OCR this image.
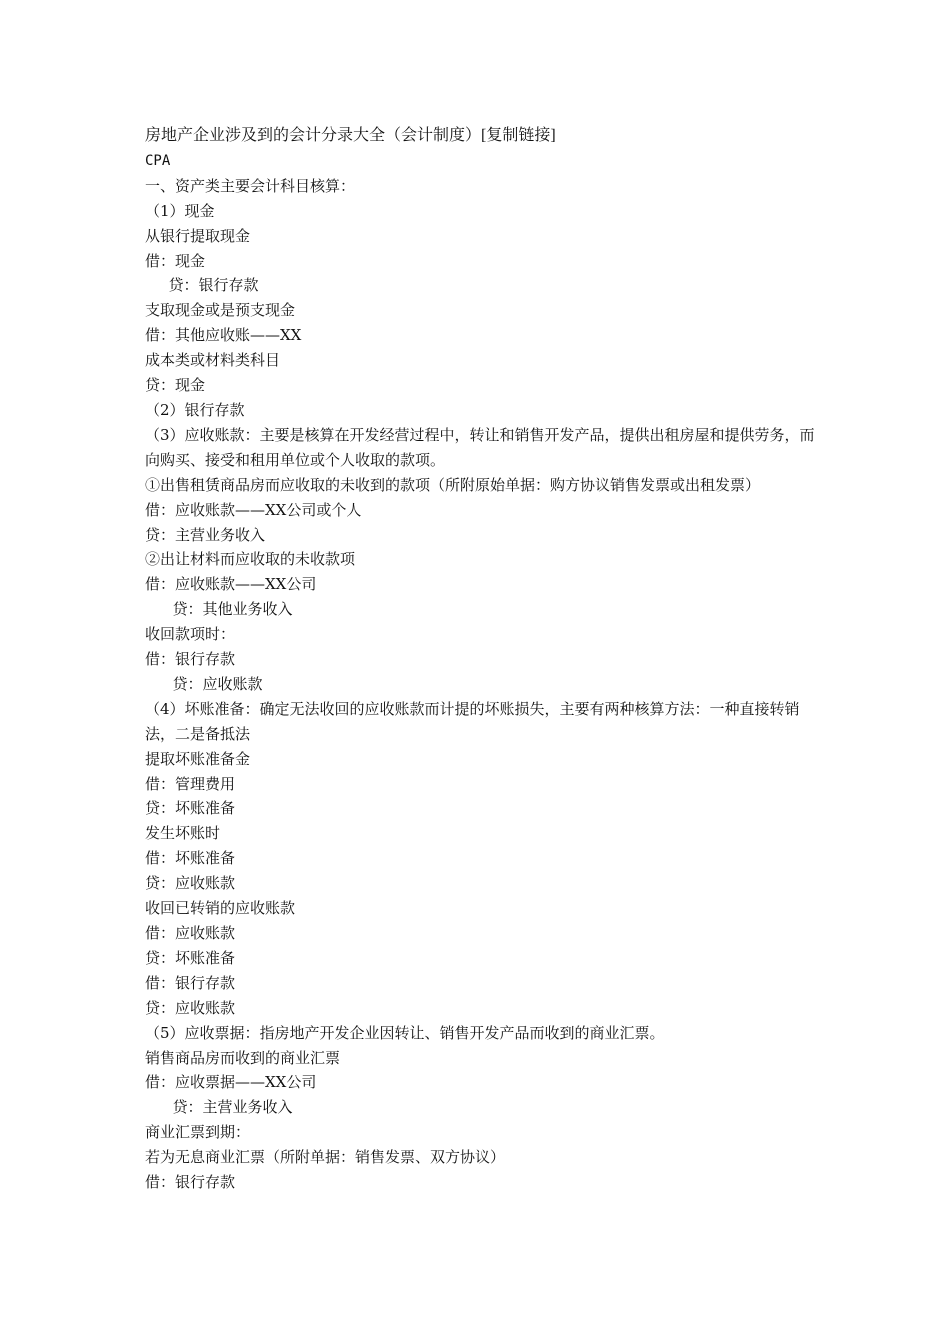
房地产企业涉及到的会计分录大全（会计制度）[复制链接]

CPA

一、资产类主要会计科目核算：

（1）现金

从银行提取现金

借：现金

贷：银行存款

支取现金或是预支现金

借：其他应收账——XX

成本类或材料类科目

贷：现金

（2）银行存款

（3）应收账款：主要是核算在开发经营过程中，转让和销售开发产品，提供出租房屋和提供劳务，而向购买、接受和租用单位或个人收取的款项。

①出售租赁商品房而应收取的未收到的款项（所附原始单据：购方协议销售发票或出租发票）

借：应收账款——XX公司或个人

贷：主营业务收入

②出让材料而应收取的未收款项

借：应收账款——XX公司

贷：其他业务收入

收回款项时：

借：银行存款

贷：应收账款

（4）坏账准备：确定无法收回的应收账款而计提的坏账损失，主要有两种核算方法：一种直接转销法，二是备抵法

提取坏账准备金

借：管理费用

贷：坏账准备

发生坏账时

借：坏账准备

贷：应收账款

收回已转销的应收账款

借：应收账款

贷：坏账准备

借：银行存款

贷：应收账款

（5）应收票据：指房地产开发企业因转让、销售开发产品而收到的商业汇票。

销售商品房而收到的商业汇票

借：应收票据——XX公司

贷：主营业务收入

商业汇票到期：

若为无息商业汇票（所附单据：销售发票、双方协议）

借：银行存款
